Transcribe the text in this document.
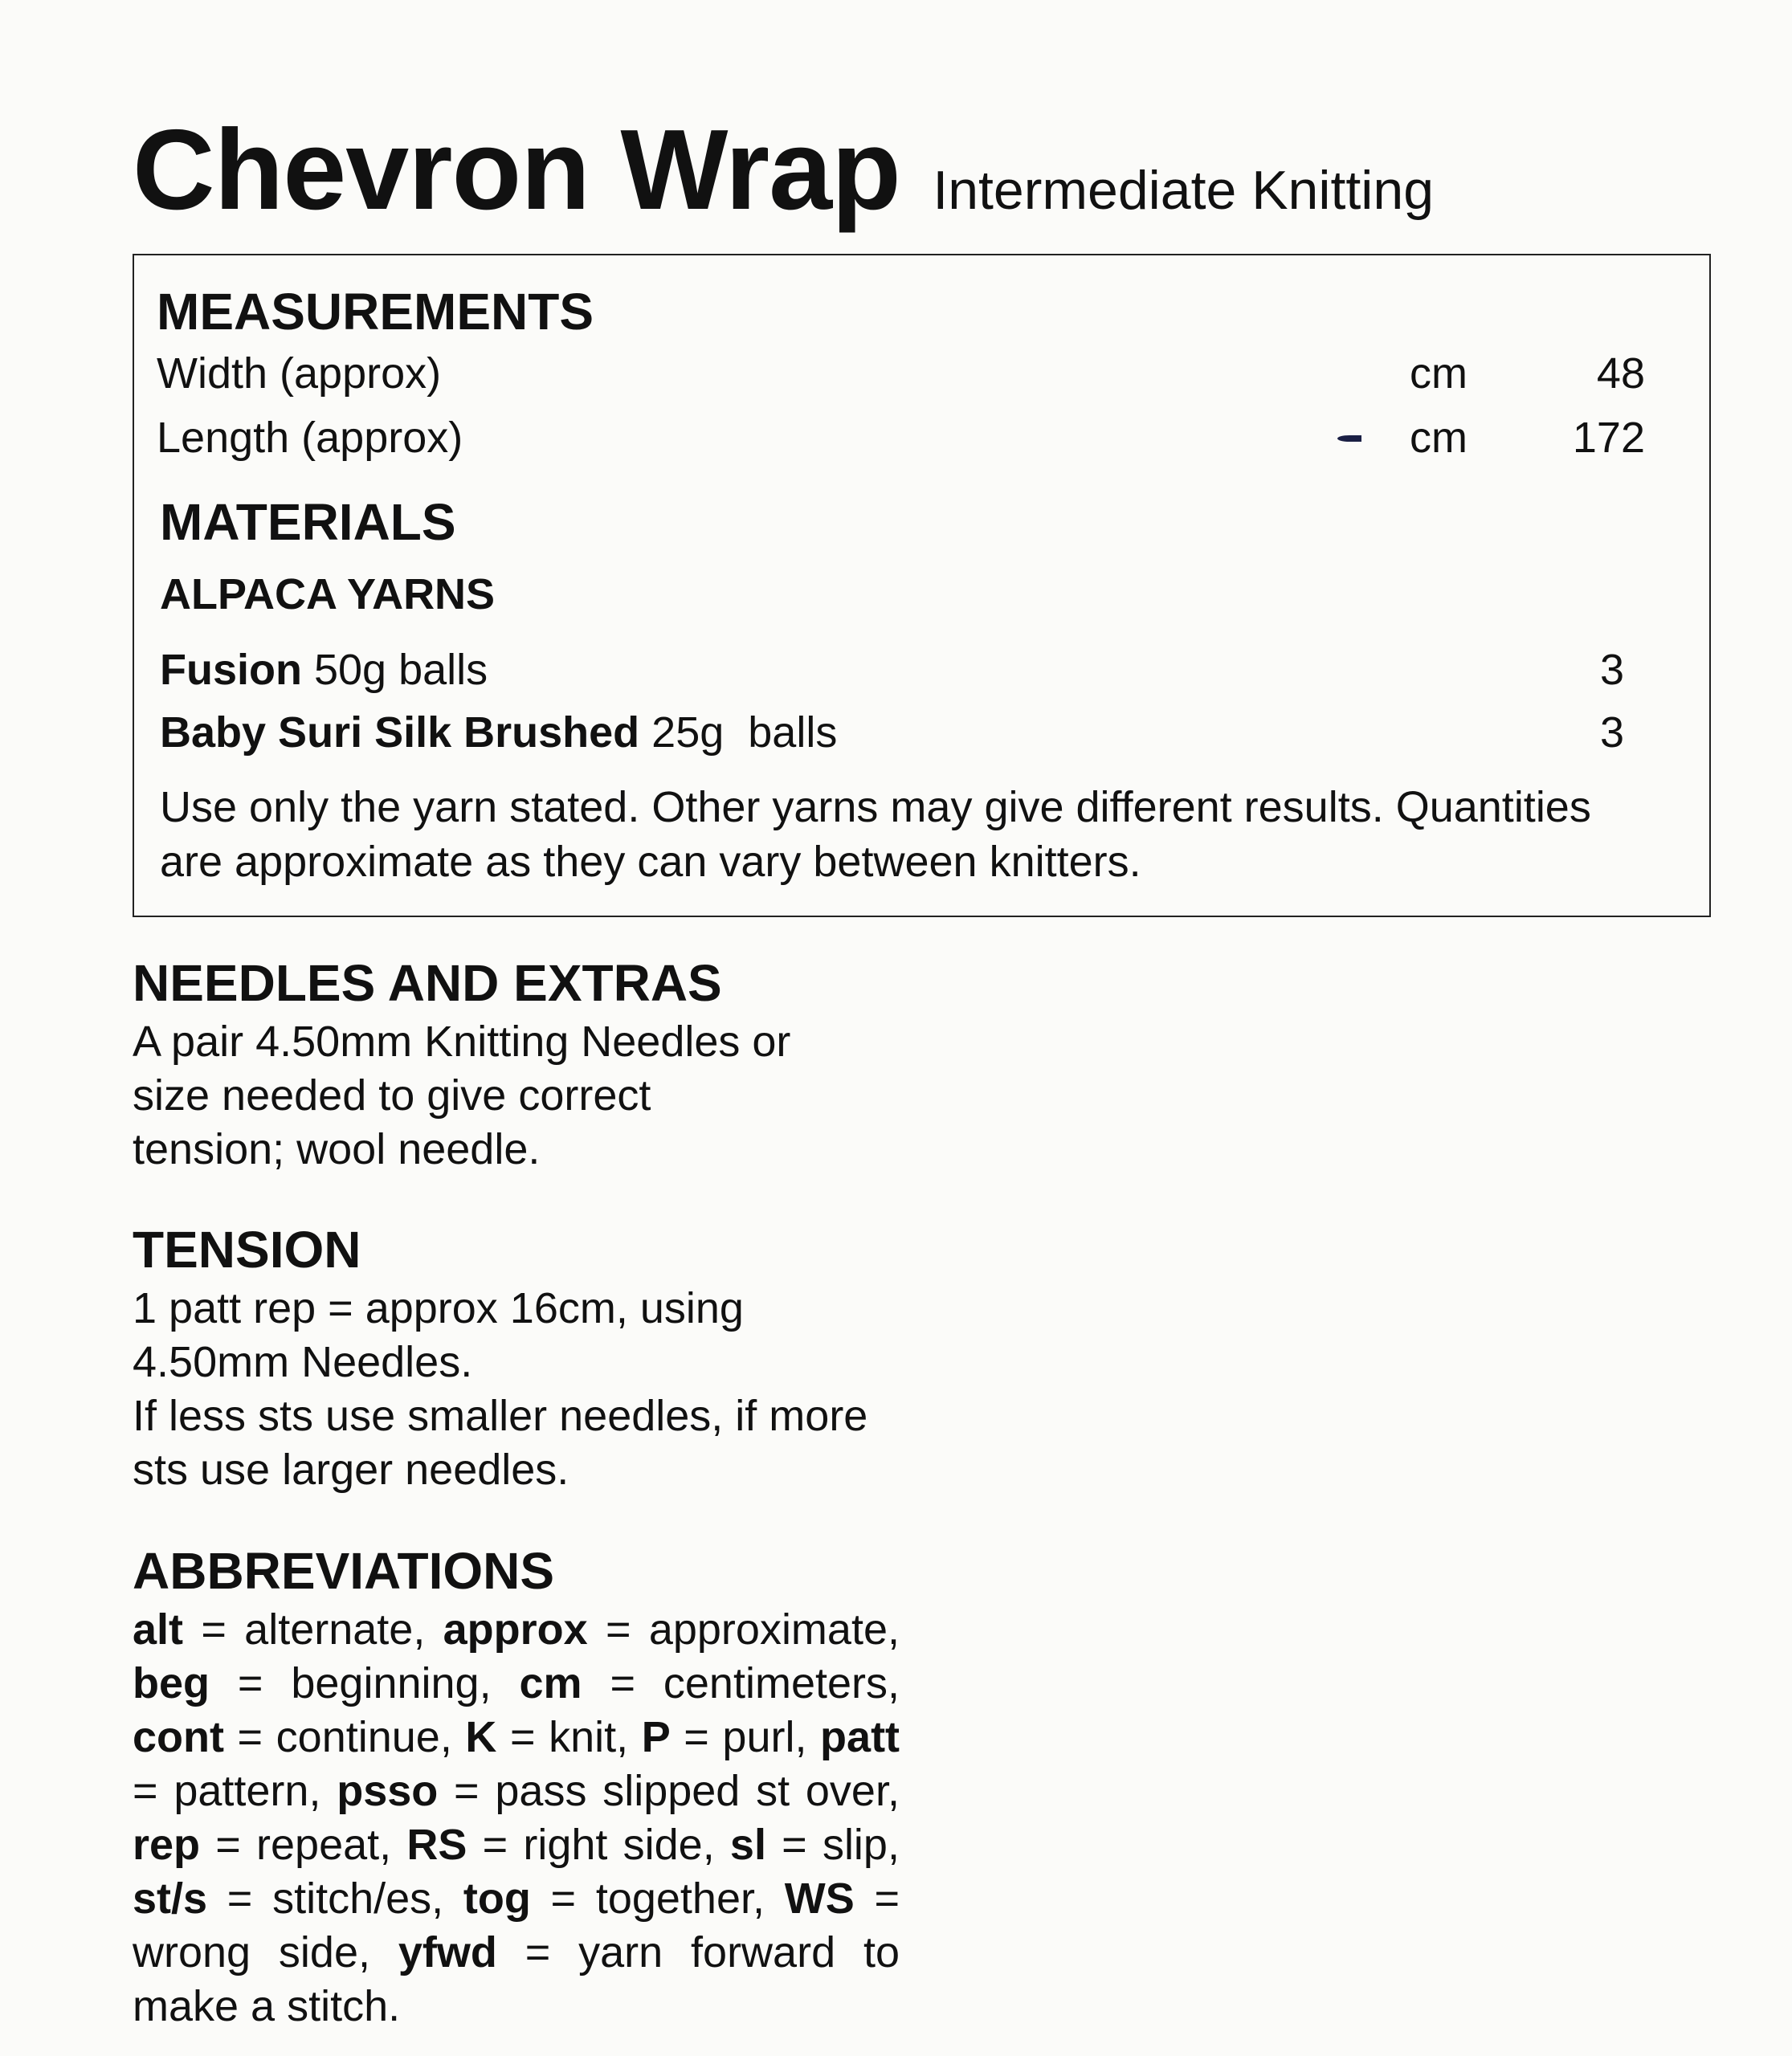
Chevron Wrap Intermediate Knitting
MEASUREMENTS
Width (approx)	cm	48
Length (approx)	cm 172
MATERIALS
ALPACA YARNS
Fusion 50g balls	3
Baby Suri Silk Brushed 25g  balls	3
Use only the yarn stated. Other yarns may give different results. Quantities
are approximate as they can vary between knitters.
NEEDLES AND EXTRAS
A pair 4.50mm Knitting Needles or
size needed to give correct
tension; wool needle.
TENSION
1 patt rep = approx 16cm, using
4.50mm Needles.
If less sts use smaller needles, if more
sts use larger needles.
ABBREVIATIONS
alt = alternate, approx = approximate, beg = beginning, cm = centimeters, cont = continue, K = knit, P = purl, patt = pattern, psso = pass slipped st over, rep = repeat, RS = right side, sl = slip, st/s = stitch/es, tog = together, WS = wrong side, yfwd = yarn forward to make a stitch.
